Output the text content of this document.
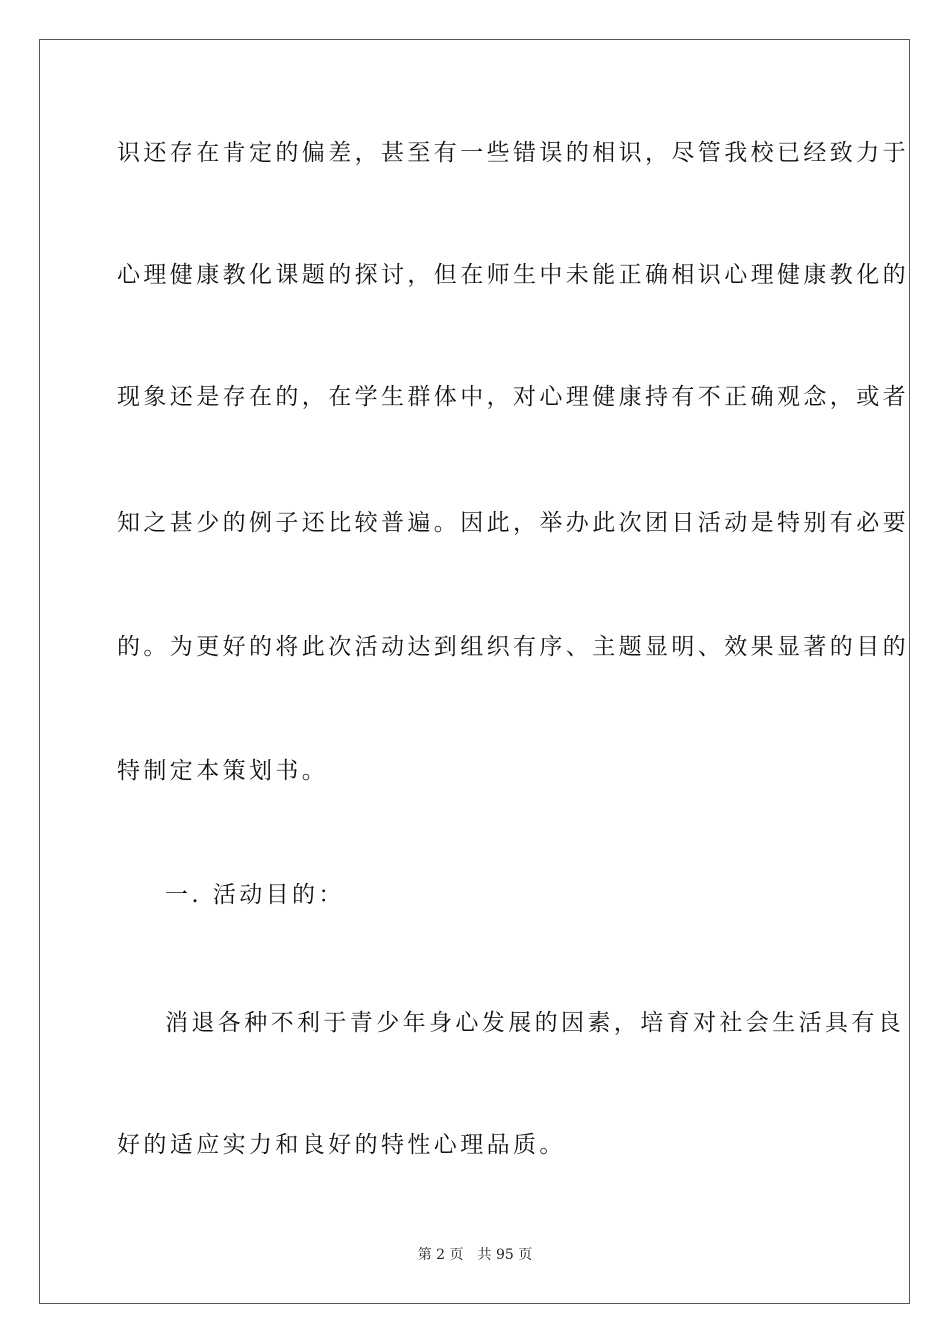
识还存在肯定的偏差，甚至有一些错误的相识，尽管我校已经致力于
心理健康教化课题的探讨，但在师生中未能正确相识心理健康教化的
现象还是存在的，在学生群体中，对心理健康持有不正确观念，或者
知之甚少的例子还比较普遍。因此，举办此次团日活动是特别有必要
的。为更好的将此次活动达到组织有序、主题显明、效果显著的目的
特制定本策划书。
一. 活动目的：
消退各种不利于青少年身心发展的因素，培育对社会生活具有良
好的适应实力和良好的特性心理品质。
第 2 页 共 95 页
